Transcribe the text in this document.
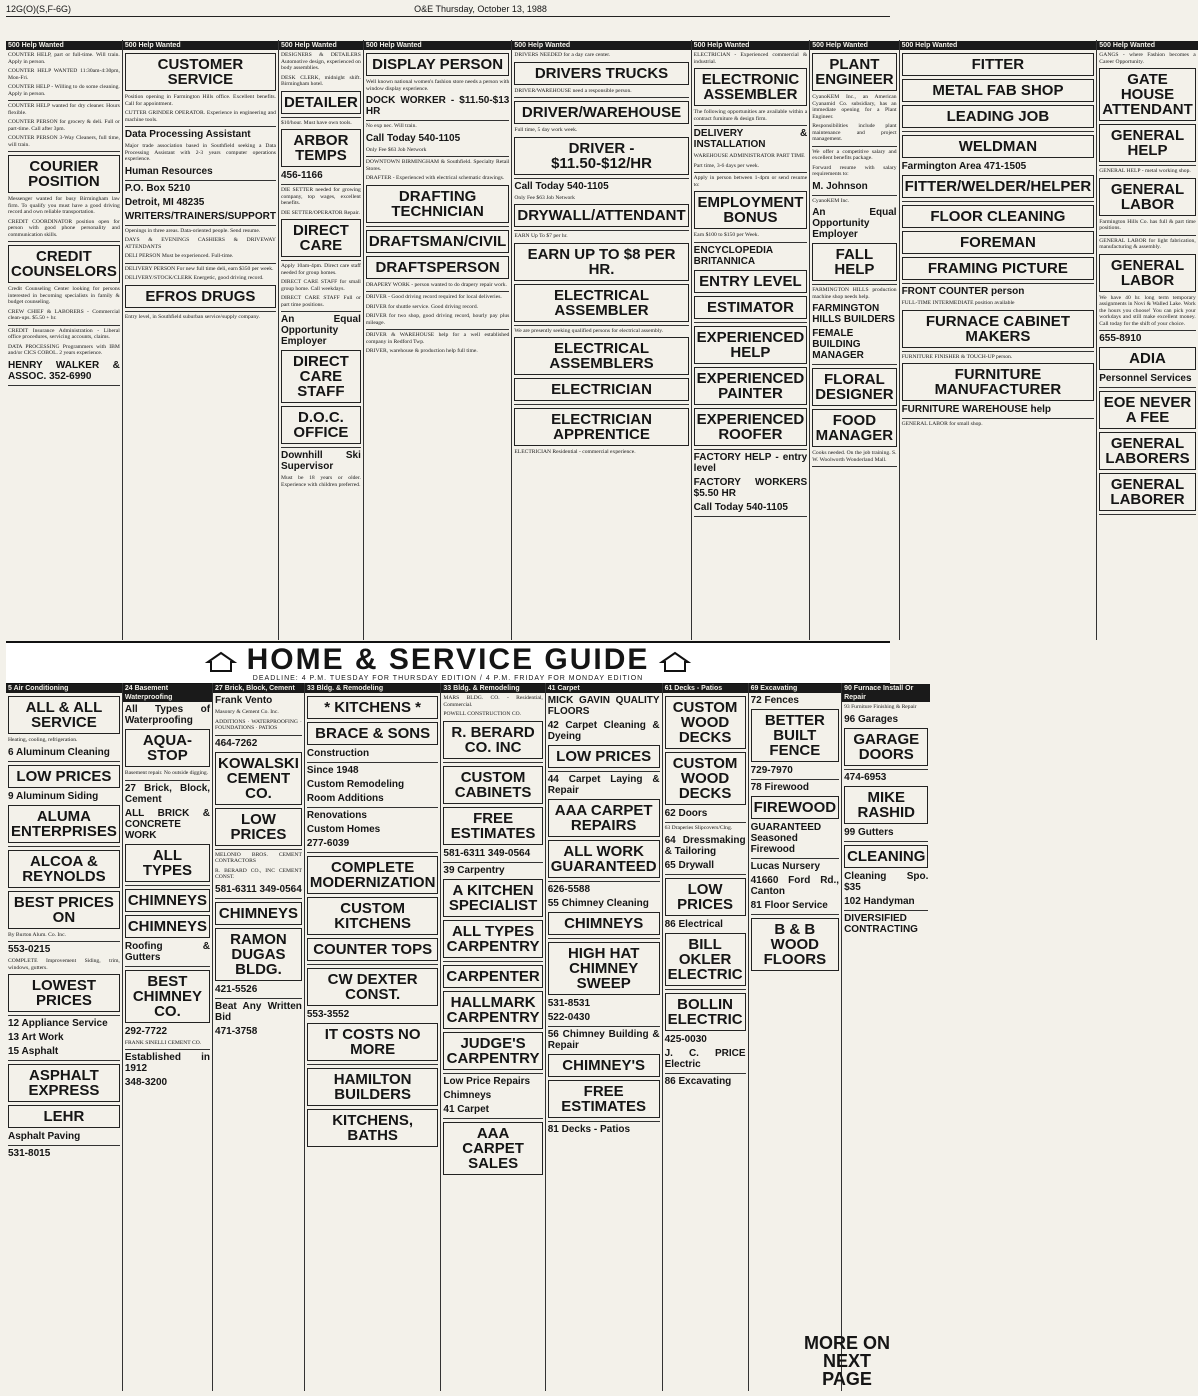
12G(O)(S,F-6G)	O&E Thursday, October 13, 1988
500 Help Wanted
COUNTER HELP, part or full-time. Will train. Apply in person.
COUNTER HELP WANTED 11:30am-4:30pm, Mon-Fri.
COUNTER HELP - Willing to do some cleaning. Apply in person.
COUNTER HELP wanted for dry cleaner. Hours flexible.
COUNTER PERSON for grocery & deli. Full or part-time. Call after 3pm.
COUNTER PERSON 3-Way Cleaners, full time, will train.
COURIER POSITION
Messenger wanted for busy Birmingham law firm. To qualify you must have a good driving record and own reliable transportation.
CREDIT COORDINATOR position open for person with good phone personality and communication skills.
CREDIT COUNSELORS
Credit Counseling Center looking for persons interested in becoming specialists in family & budget counseling.
CREW CHIEF & LABORERS - Commercial clean-ups. $5.50 + hr.
CREDIT Insurance Administration - Liberal office procedures, servicing accounts, claims.
DATA PROCESSING Programmers with IBM and/or CICS COBOL. 2 years experience.
HENRY WALKER & ASSOC. 352-6990
500 Help Wanted
CUSTOMER SERVICE
Position opening in Farmington Hills office. Excellent benefits. Call for appointment.
CUTTER GRINDER OPERATOR. Experience in engineering and machine tools.
Data Processing Assistant
Major trade association based in Southfield seeking a Data Processing Assistant with 2-3 years computer operations experience.
Human Resources
P.O. Box 5210
Detroit, MI 48235
WRITERS/TRAINERS/SUPPORT
Openings in three areas. Data-oriented people. Send resume.
DAYS & EVENINGS CASHIERS & DRIVEWAY ATTENDANTS
DELI PERSON Must be experienced. Full-time.
DELIVERY PERSON For new full time deli, earn $350 per week.
DELIVERY/STOCK/CLERK Energetic, good driving record.
EFROS DRUGS
Entry level, in Southfield suburban service/supply company.
500 Help Wanted
DESIGNERS & DETAILERS Automotive design, experienced on body assemblies.
DESK CLERK, midnight shift. Birmingham hotel.
DETAILER
$10/hour. Must have own tools.
ARBOR TEMPS
456-1166
DIE SETTER needed for growing company, top wages, excellent benefits.
DIE SETTER/OPERATOR Repair.
DIRECT CARE
Apply 10am-4pm. Direct care staff needed for group homes.
DIRECT CARE STAFF for small group home. Call weekdays.
DIRECT CARE STAFF Full or part time positions.
An Equal Opportunity Employer
DIRECT CARE STAFF
D.O.C. OFFICE
Downhill Ski Supervisor
Must be 18 years or older. Experience with children preferred.
500 Help Wanted
DISPLAY PERSON
Well known national women's fashion store needs a person with window display experience.
DOCK WORKER - $11.50-$13 HR
No exp nec. Will train.
Call Today 540-1105
Only Fee $63 Job Network
DOWNTOWN BIRMINGHAM & Southfield. Specialty Retail Stores.
DRAFTER - Experienced with electrical schematic drawings.
DRAFTING TECHNICIAN
DRAFTSMAN/CIVIL
DRAFTSPERSON
DRAPERY WORK - person wanted to do drapery repair work.
DRIVER - Good driving record required for local deliveries.
DRIVER for shuttle service. Good driving record.
DRIVER for two shop, good driving record, hourly pay plus mileage.
DRIVER & WAREHOUSE help for a well established company in Redford Twp.
DRIVER, warehouse & production help full time.
500 Help Wanted
DRIVERS NEEDED for a day care center.
DRIVERS TRUCKS
DRIVER/WAREHOUSE need a responsible person.
DRIVER/WAREHOUSE
Full time, 5 day work week.
DRIVER - $11.50-$12/HR
Call Today 540-1105
Only Fee $63 Job Network
DRYWALL/ATTENDANT
EARN Up To $7 per hr.
EARN UP TO $8 PER HR.
ELECTRICAL ASSEMBLER
We are presently seeking qualified persons for electrical assembly.
ELECTRICAL ASSEMBLERS
ELECTRICIAN
ELECTRICIAN APPRENTICE
ELECTRICIAN Residential - commercial experience.
500 Help Wanted
ELECTRICIAN - Experienced commercial & industrial.
ELECTRONIC ASSEMBLER
The following opportunities are available within a contract furniture & design firm.
DELIVERY & INSTALLATION
WAREHOUSE ADMINISTRATOR PART TIME
Part time, 3-6 days per week.
Apply in person between 1-4pm or send resume to:
EMPLOYMENT BONUS
Earn $100 to $150 per Week.
ENCYCLOPEDIA BRITANNICA
ENTRY LEVEL
ESTIMATOR
EXPERIENCED HELP
EXPERIENCED PAINTER
EXPERIENCED ROOFER
FACTORY HELP - entry level
FACTORY WORKERS $5.50 HR
Call Today 540-1105
500 Help Wanted
PLANT ENGINEER
CyanoKEM Inc., an American Cyanamid Co. subsidiary, has an immediate opening for a Plant Engineer.
Responsibilities include plant maintenance and project management.
We offer a competitive salary and excellent benefits package.
Forward resume with salary requirements to:
M. Johnson
CyanoKEM Inc.
An Equal Opportunity Employer
FALL HELP
FARMINGTON HILLS production machine shop needs help.
FARMINGTON HILLS BUILDERS
FEMALE BUILDING MANAGER
FLORAL DESIGNER
FOOD MANAGER
Cooks needed. On the job training. S. W. Woolworth Wonderland Mall.
500 Help Wanted
FITTER
METAL FAB SHOP
LEADING JOB
WELDMAN
Farmington Area 471-1505
FITTER/WELDER/HELPER
FLOOR CLEANING
FOREMAN
FRAMING PICTURE
FRONT COUNTER person
FULL-TIME INTERMEDIATE position available
FURNACE CABINET MAKERS
FURNITURE FINISHER & TOUCH-UP person.
FURNITURE MANUFACTURER
FURNITURE WAREHOUSE help
GENERAL LABOR for small shop.
500 Help Wanted
GANGS - where Fashion becomes a Career Opportunity.
GATE HOUSE ATTENDANT
GENERAL HELP
GENERAL HELP - metal working shop.
GENERAL LABOR
Farmington Hills Co. has full & part time positions.
GENERAL LABOR for light fabrication, manufacturing & assembly.
GENERAL LABOR
We have 40 hr. long term temporary assignments in Novi & Walled Lake. Work the hours you choose! You can pick your workdays and still make excellent money. Call today for the shift of your choice.
655-8910
ADIA
Personnel Services
EOE NEVER A FEE
GENERAL LABORERS
GENERAL LABORER
HOME & SERVICE GUIDE
DEADLINE: 4 P.M. TUESDAY FOR THURSDAY EDITION / 4 P.M. FRIDAY FOR MONDAY EDITION
5 Air Conditioning
ALL & ALL SERVICE
Heating, cooling, refrigeration.
6 Aluminum Cleaning
LOW PRICES
9 Aluminum Siding
ALUMA ENTERPRISES
ALCOA & REYNOLDS
BEST PRICES ON
By Burton Alum. Co. Inc.
553-0215
COMPLETE Improvement Siding, trim, windows, gutters.
LOWEST PRICES
12 Appliance Service
13 Art Work
15 Asphalt
ASPHALT EXPRESS
LEHR
Asphalt Paving
531-8015
24 Basement Waterproofing
All Types of Waterproofing
AQUA-STOP
Basement repair. No outside digging.
27 Brick, Block, Cement
ALL BRICK & CONCRETE WORK
ALL TYPES
CHIMNEYS
CHIMNEYS
Roofing & Gutters
BEST CHIMNEY CO.
292-7722
FRANK SINELLI CEMENT CO.
Established in 1912
348-3200
27 Brick, Block, Cement
Frank Vento
Masonry & Cement Co. Inc.
ADDITIONS · WATERPROOFING · FOUNDATIONS · PATIOS
464-7262
KOWALSKI CEMENT CO.
LOW PRICES
MELONIO BROS. CEMENT CONTRACTORS
R. BERARD CO., INC CEMENT CONST.
581-6311 349-0564
CHIMNEYS
RAMON DUGAS BLDG.
421-5526
Beat Any Written Bid
471-3758
33 Bldg. & Remodeling
* KITCHENS *
BRACE & SONS
Construction
Since 1948
Custom Remodeling
Room Additions
Renovations
Custom Homes
277-6039
COMPLETE MODERNIZATION
CUSTOM KITCHENS
COUNTER TOPS
CW DEXTER CONST.
553-3552
IT COSTS NO MORE
HAMILTON BUILDERS
KITCHENS, BATHS
33 Bldg. & Remodeling
MARS BLDG. CO. - Residential, Commercial.
POWELL CONSTRUCTION CO.
R. BERARD CO. INC
CUSTOM CABINETS
FREE ESTIMATES
581-6311 349-0564
39 Carpentry
A KITCHEN SPECIALIST
ALL TYPES CARPENTRY
CARPENTER
HALLMARK CARPENTRY
JUDGE'S CARPENTRY
Low Price Repairs
Chimneys
41 Carpet
AAA CARPET SALES
41 Carpet
MICK GAVIN QUALITY FLOORS
42 Carpet Cleaning & Dyeing
LOW PRICES
44 Carpet Laying & Repair
AAA CARPET REPAIRS
ALL WORK GUARANTEED
626-5588
55 Chimney Cleaning
CHIMNEYS
HIGH HAT CHIMNEY SWEEP
531-8531
522-0430
56 Chimney Building & Repair
CHIMNEY'S
FREE ESTIMATES
81 Decks - Patios
61 Decks - Patios
CUSTOM WOOD DECKS
CUSTOM WOOD DECKS
62 Doors
63 Draperies Slipcovers/Clng.
64 Dressmaking & Tailoring
65 Drywall
LOW PRICES
86 Electrical
BILL OKLER ELECTRIC
BOLLIN ELECTRIC
425-0030
J. C. PRICE Electric
86 Excavating
69 Excavating
72 Fences
BETTER BUILT FENCE
729-7970
78 Firewood
FIREWOOD
GUARANTEED Seasoned Firewood
Lucas Nursery
41660 Ford Rd., Canton
81 Floor Service
B & B WOOD FLOORS
90 Furnace Install Or Repair
93 Furniture Finishing & Repair
96 Garages
GARAGE DOORS
474-6953
MIKE RASHID
99 Gutters
CLEANING
Cleaning Spo. $35
102 Handyman
DIVERSIFIED CONTRACTING
MORE ON NEXT PAGE
